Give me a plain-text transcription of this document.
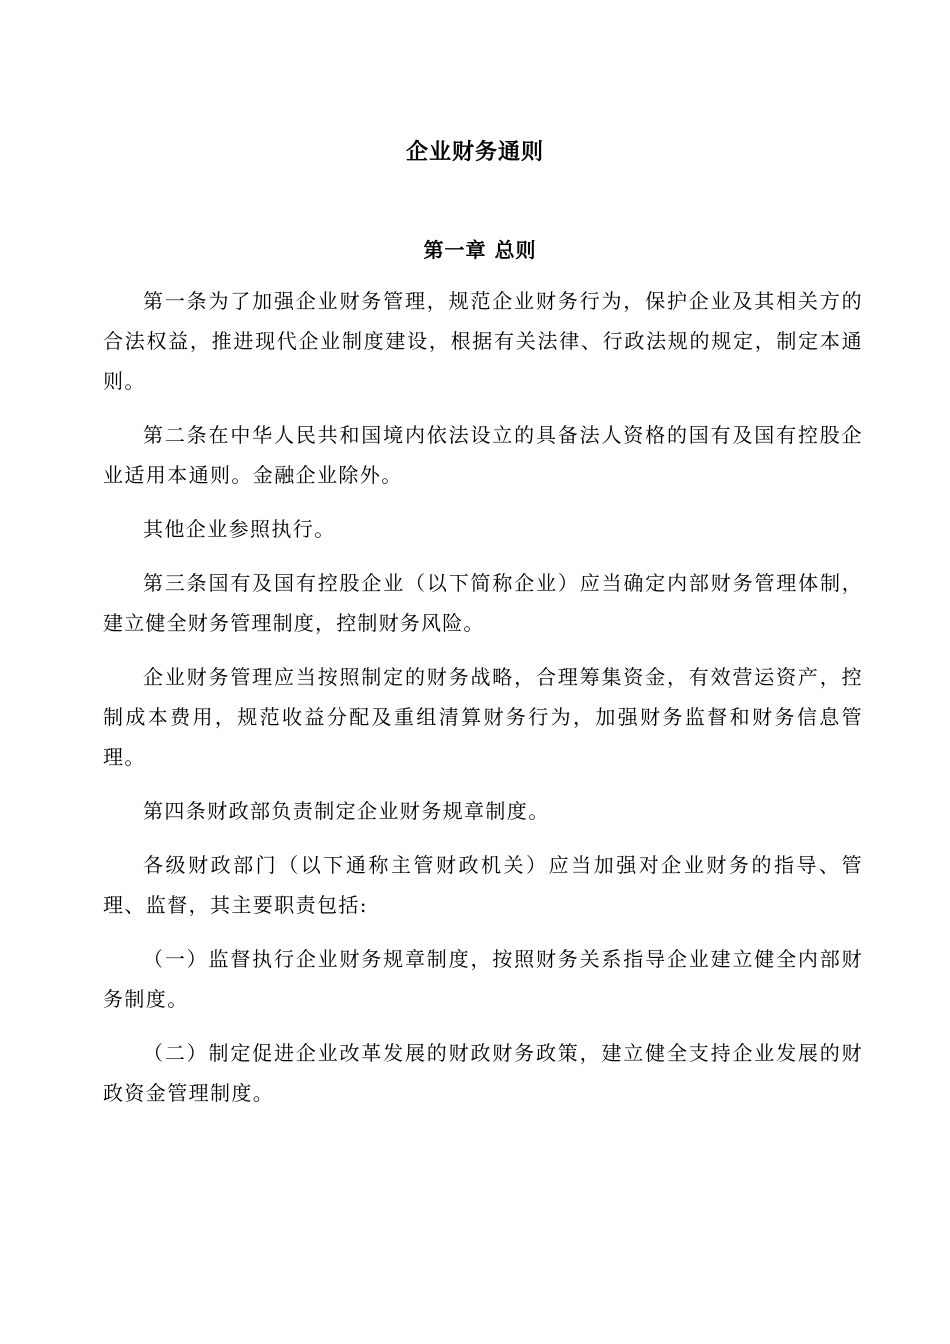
企业财务通则
第一章 总则

第一条为了加强企业财务管理，规范企业财务行为，保护企业及其相关方的合法权益，推进现代企业制度建设，根据有关法律、行政法规的规定，制定本通则。

第二条在中华人民共和国境内依法设立的具备法人资格的国有及国有控股企业适用本通则。金融企业除外。

其他企业参照执行。

第三条国有及国有控股企业（以下简称企业）应当确定内部财务管理体制，建立健全财务管理制度，控制财务风险。

企业财务管理应当按照制定的财务战略，合理筹集资金，有效营运资产，控制成本费用，规范收益分配及重组清算财务行为，加强财务监督和财务信息管理。

第四条财政部负责制定企业财务规章制度。

各级财政部门（以下通称主管财政机关）应当加强对企业财务的指导、管理、监督，其主要职责包括:

（一）监督执行企业财务规章制度，按照财务关系指导企业建立健全内部财务制度。

（二）制定促进企业改革发展的财政财务政策，建立健全支持企业发展的财政资金管理制度。
